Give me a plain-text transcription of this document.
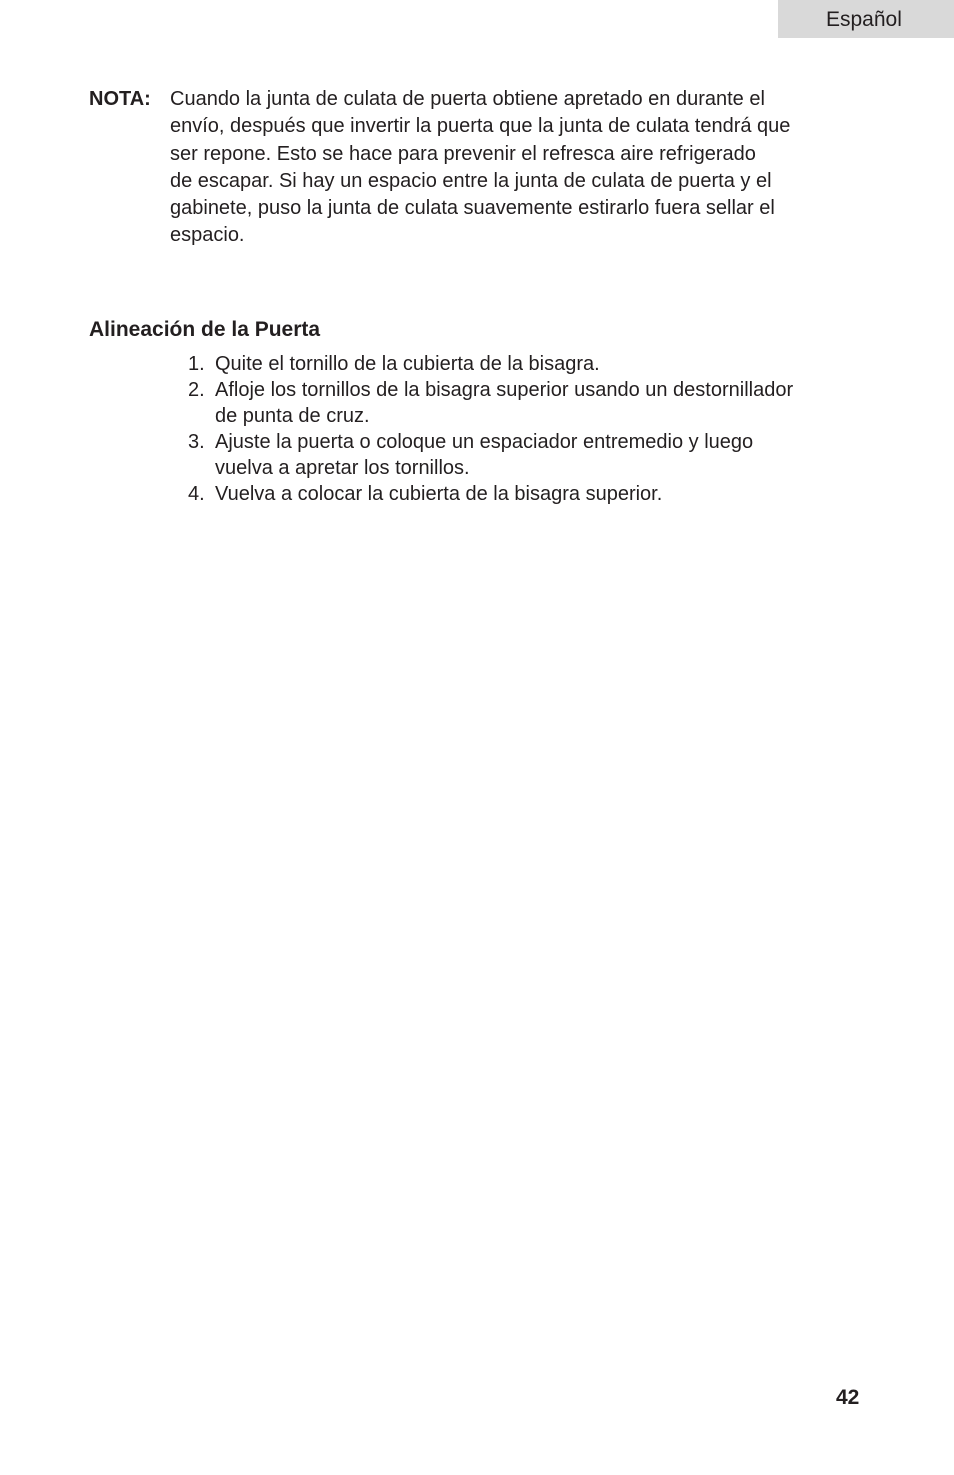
Español
NOTA: Cuando la junta de culata de puerta obtiene apretado en durante el
envío, después que invertir la puerta que la junta de culata tendrá que
ser repone. Esto se hace para prevenir el refresca aire refrigerado
de escapar. Si hay un espacio entre la junta de culata de puerta y el
gabinete, puso la junta de culata suavemente estirarlo fuera sellar el
espacio.
Alineación de la Puerta
1. Quite el tornillo de la cubierta de la bisagra.
2. Afloje los tornillos de la bisagra superior usando un destornillador
de punta de cruz.
3. Ajuste la puerta o coloque un espaciador entremedio y luego
vuelva a apretar los tornillos.
4. Vuelva a colocar la cubierta de la bisagra superior.
42
